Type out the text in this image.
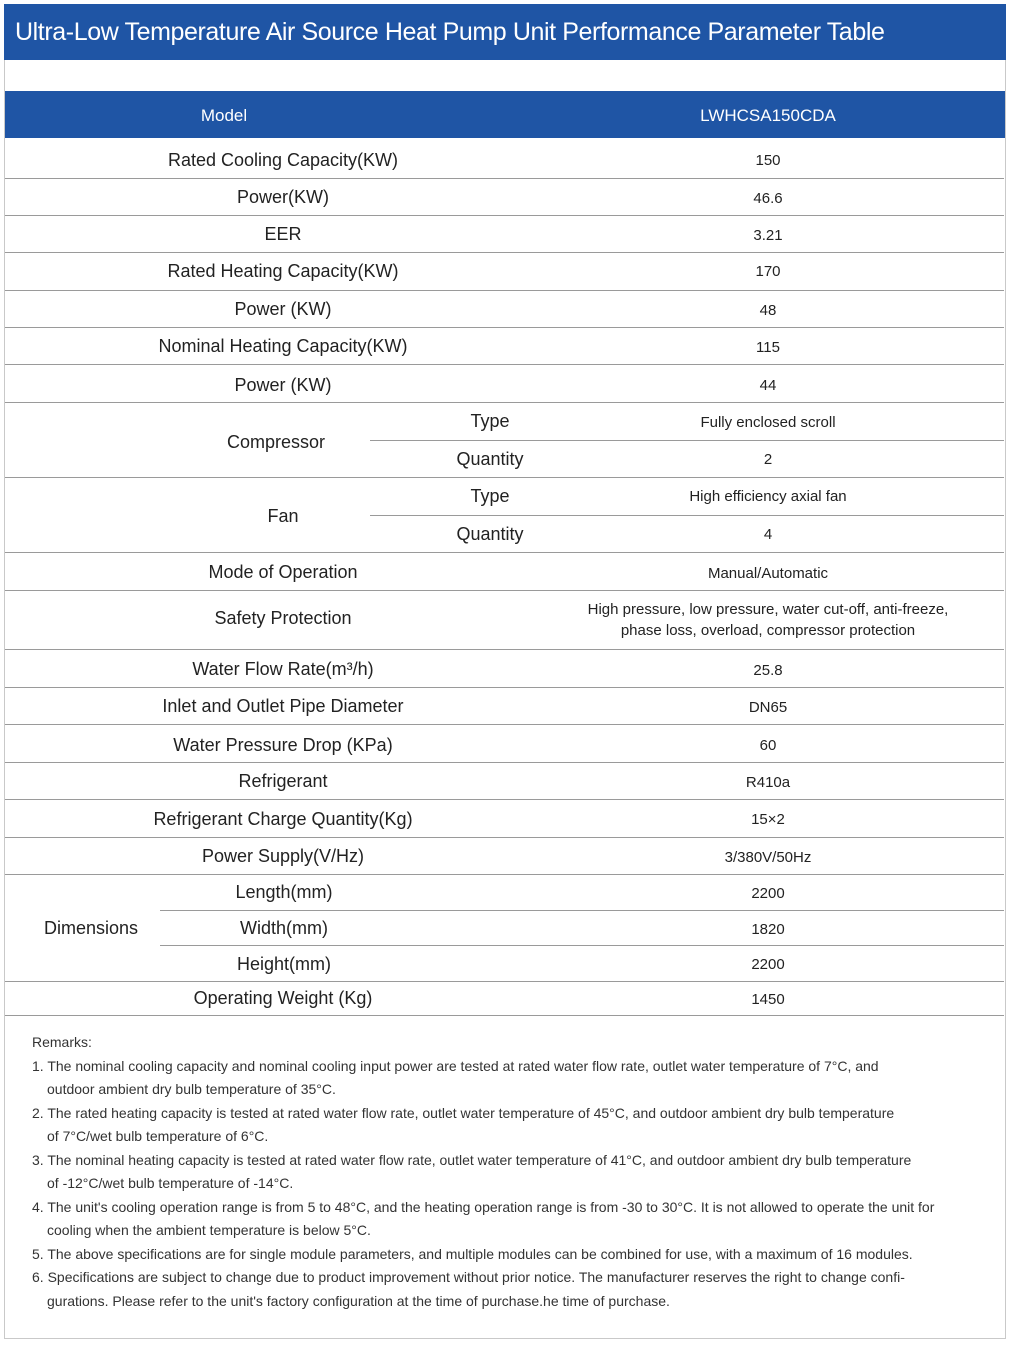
Ultra-Low Temperature Air Source Heat Pump Unit Performance Parameter Table
Model	LWHCSA150CDA
Rated Cooling Capacity(KW)	150
Power(KW)	46.6
EER	3.21
Rated Heating Capacity(KW)	170
Power (KW)	48
Nominal Heating Capacity(KW)	115
Power (KW)	44
Compressor
Type	Fully enclosed scroll
Quantity	2
Fan
Type	High efficiency axial fan
Quantity	4
Mode of Operation	Manual/Automatic
Safety Protection	High pressure, low pressure, water cut-off, anti-freeze,
phase loss, overload, compressor protection
Water Flow Rate(m³/h)	25.8
Inlet and Outlet Pipe Diameter	DN65
Water Pressure Drop (KPa)	60
Refrigerant	R410a
Refrigerant Charge Quantity(Kg)	15×2
Power Supply(V/Hz)	3/380V/50Hz
Dimensions
Length(mm)	2200
Width(mm)	1820
Height(mm)	2200
Operating Weight (Kg)	1450
Remarks:
1. The nominal cooling capacity and nominal cooling input power are tested at rated water flow rate, outlet water temperature of 7°C, and
outdoor ambient dry bulb temperature of 35°C.
2. The rated heating capacity is tested at rated water flow rate, outlet water temperature of 45°C, and outdoor ambient dry bulb temperature
of 7°C/wet bulb temperature of 6°C.
3. The nominal heating capacity is tested at rated water flow rate, outlet water temperature of 41°C, and outdoor ambient dry bulb temperature
of -12°C/wet bulb temperature of -14°C.
4. The unit's cooling operation range is from 5 to 48°C, and the heating operation range is from -30 to 30°C. It is not allowed to operate the unit for
cooling when the ambient temperature is below 5°C.
5. The above specifications are for single module parameters, and multiple modules can be combined for use, with a maximum of 16 modules.
6. Specifications are subject to change due to product improvement without prior notice. The manufacturer reserves the right to change confi-
gurations. Please refer to the unit's factory configuration at the time of purchase.he time of purchase.
